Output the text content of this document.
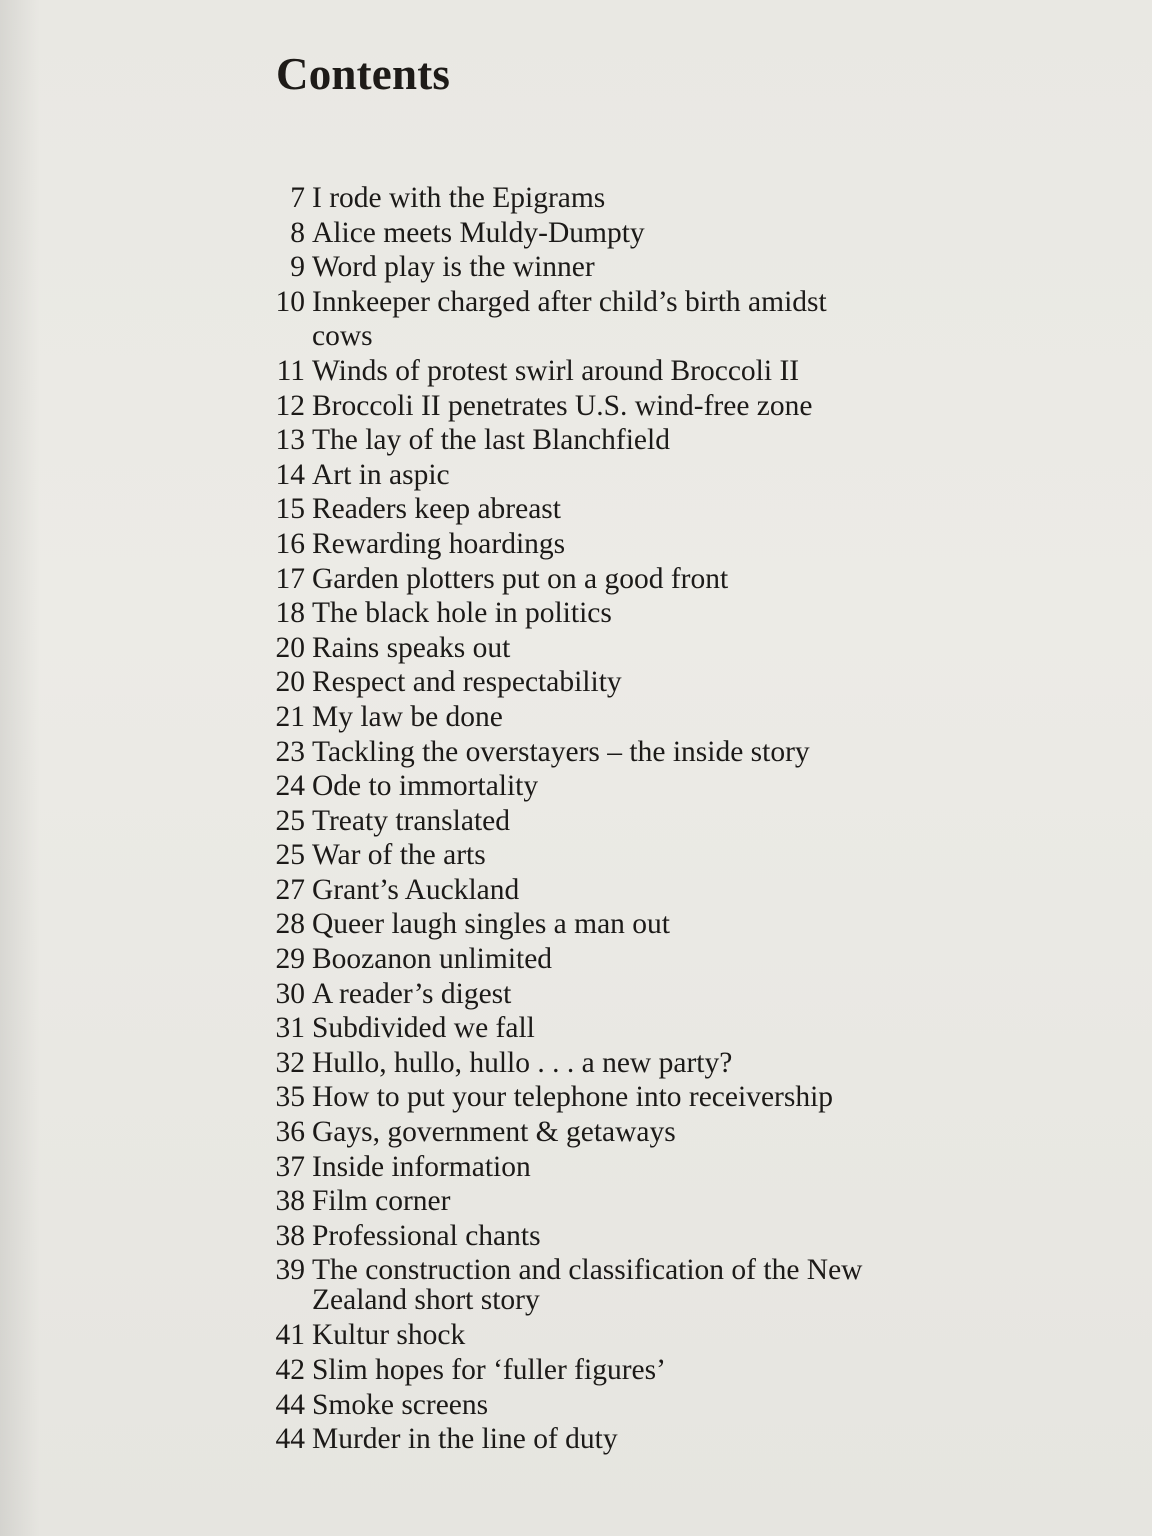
Contents
7 I rode with the Epigrams
8 Alice meets Muldy-Dumpty
9 Word play is the winner
10 Innkeeper charged after child’s birth amidst cows
11 Winds of protest swirl around Broccoli II
12 Broccoli II penetrates U.S. wind-free zone
13 The lay of the last Blanchfield
14 Art in aspic
15 Readers keep abreast
16 Rewarding hoardings
17 Garden plotters put on a good front
18 The black hole in politics
20 Rains speaks out
20 Respect and respectability
21 My law be done
23 Tackling the overstayers – the inside story
24 Ode to immortality
25 Treaty translated
25 War of the arts
27 Grant’s Auckland
28 Queer laugh singles a man out
29 Boozanon unlimited
30 A reader’s digest
31 Subdivided we fall
32 Hullo, hullo, hullo . . . a new party?
35 How to put your telephone into receivership
36 Gays, government & getaways
37 Inside information
38 Film corner
38 Professional chants
39 The construction and classification of the New Zealand short story
41 Kultur shock
42 Slim hopes for ‘fuller figures’
44 Smoke screens
44 Murder in the line of duty
